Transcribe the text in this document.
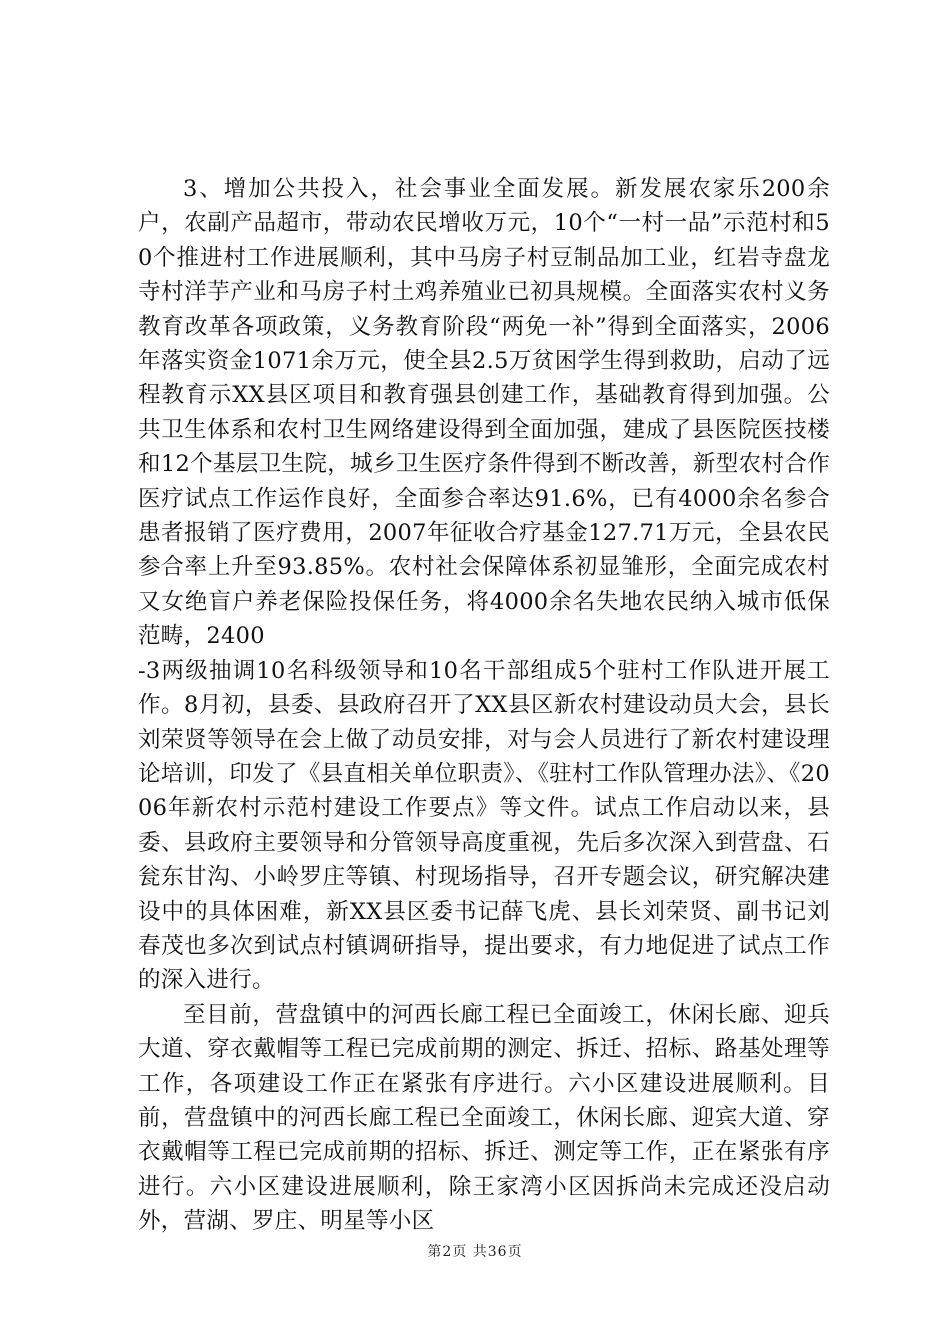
3、增加公共投入，社会事业全面发展。新发展农家乐200余户，农副产品超市，带动农民增收万元，10个“一村一品”示范村和50个推进村工作进展顺利，其中马房子村豆制品加工业，红岩寺盘龙寺村洋芋产业和马房子村土鸡养殖业已初具规模。全面落实农村义务教育改革各项政策，义务教育阶段“两免一补”得到全面落实，2006年落实资金1071余万元，使全县2.5万贫困学生得到救助，启动了远程教育示XX县区项目和教育强县创建工作，基础教育得到加强。公共卫生体系和农村卫生网络建设得到全面加强，建成了县医院医技楼和12个基层卫生院，城乡卫生医疗条件得到不断改善，新型农村合作医疗试点工作运作良好，全面参合率达91.6%，已有4000余名参合患者报销了医疗费用，2007年征收合疗基金127.71万元，全县农民参合率上升至93.85%。农村社会保障体系初显雏形，全面完成农村又女绝盲户养老保险投保任务，将4000余名失地农民纳入城市低保范畴，2400

-3两级抽调10名科级领导和10名干部组成5个驻村工作队进开展工作。8月初，县委、县政府召开了XX县区新农村建设动员大会，县长刘荣贤等领导在会上做了动员安排，对与会人员进行了新农村建设理论培训，印发了《县直相关单位职责》、《驻村工作队管理办法》、《2006年新农村示范村建设工作要点》等文件。试点工作启动以来，县委、县政府主要领导和分管领导高度重视，先后多次深入到营盘、石瓮东甘沟、小岭罗庄等镇、村现场指导，召开专题会议，研究解决建设中的具体困难，新XX县区委书记薛飞虎、县长刘荣贤、副书记刘春茂也多次到试点村镇调研指导，提出要求，有力地促进了试点工作的深入进行。

至目前，营盘镇中的河西长廊工程已全面竣工，休闲长廊、迎兵大道、穿衣戴帽等工程已完成前期的测定、拆迁、招标、路基处理等工作，各项建设工作正在紧张有序进行。六小区建设进展顺利。目前，营盘镇中的河西长廊工程已全面竣工，休闲长廊、迎宾大道、穿衣戴帽等工程已完成前期的招标、拆迁、测定等工作，正在紧张有序进行。六小区建设进展顺利，除王家湾小区因拆尚未完成还没启动外，营湖、罗庄、明星等小区

第2页 共36页
